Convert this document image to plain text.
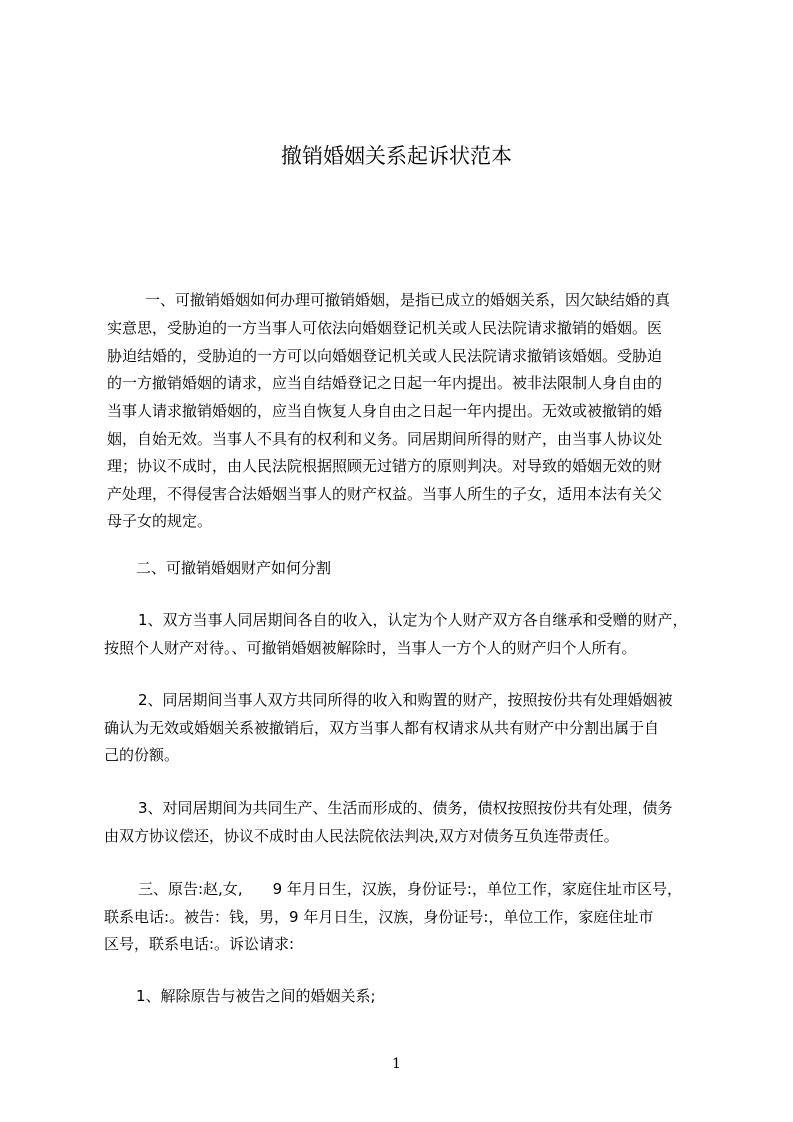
撤销婚姻关系起诉状范本
一、可撤销婚姻如何办理可撤销婚姻，是指已成立的婚姻关系，因欠缺结婚的真
实意思，受胁迫的一方当事人可依法向婚姻登记机关或人民法院请求撤销的婚姻。医
胁迫结婚的，受胁迫的一方可以向婚姻登记机关或人民法院请求撤销该婚姻。受胁迫
的一方撤销婚姻的请求，应当自结婚登记之日起一年内提出。被非法限制人身自由的
当事人请求撤销婚姻的，应当自恢复人身自由之日起一年内提出。无效或被撤销的婚
姻，自始无效。当事人不具有的权利和义务。同居期间所得的财产，由当事人协议处
理；协议不成时，由人民法院根据照顾无过错方的原则判决。对导致的婚姻无效的财
产处理，不得侵害合法婚姻当事人的财产权益。当事人所生的子女，适用本法有关父
母子女的规定。
二、可撤销婚姻财产如何分割
1、双方当事人同居期间各自的收入，认定为个人财产双方各自继承和受赠的财产，
按照个人财产对待。、可撤销婚姻被解除时，当事人一方个人的财产归个人所有。
2、同居期间当事人双方共同所得的收入和购置的财产，按照按份共有处理婚姻被
确认为无效或婚姻关系被撤销后，双方当事人都有权请求从共有财产中分割出属于自
己的份额。
3、对同居期间为共同生产、生活而形成的、债务，债权按照按份共有处理，债务
由双方协议偿还，协议不成时由人民法院依法判决,双方对债务互负连带责任。
三、原告:赵,女,　　9 年月日生，汉族，身份证号:，单位工作，家庭住址市区号，
联系电话:。被告：钱，男，9 年月日生，汉族，身份证号:，单位工作，家庭住址市
区号，联系电话:。诉讼请求:
1、解除原告与被告之间的婚姻关系;
1
